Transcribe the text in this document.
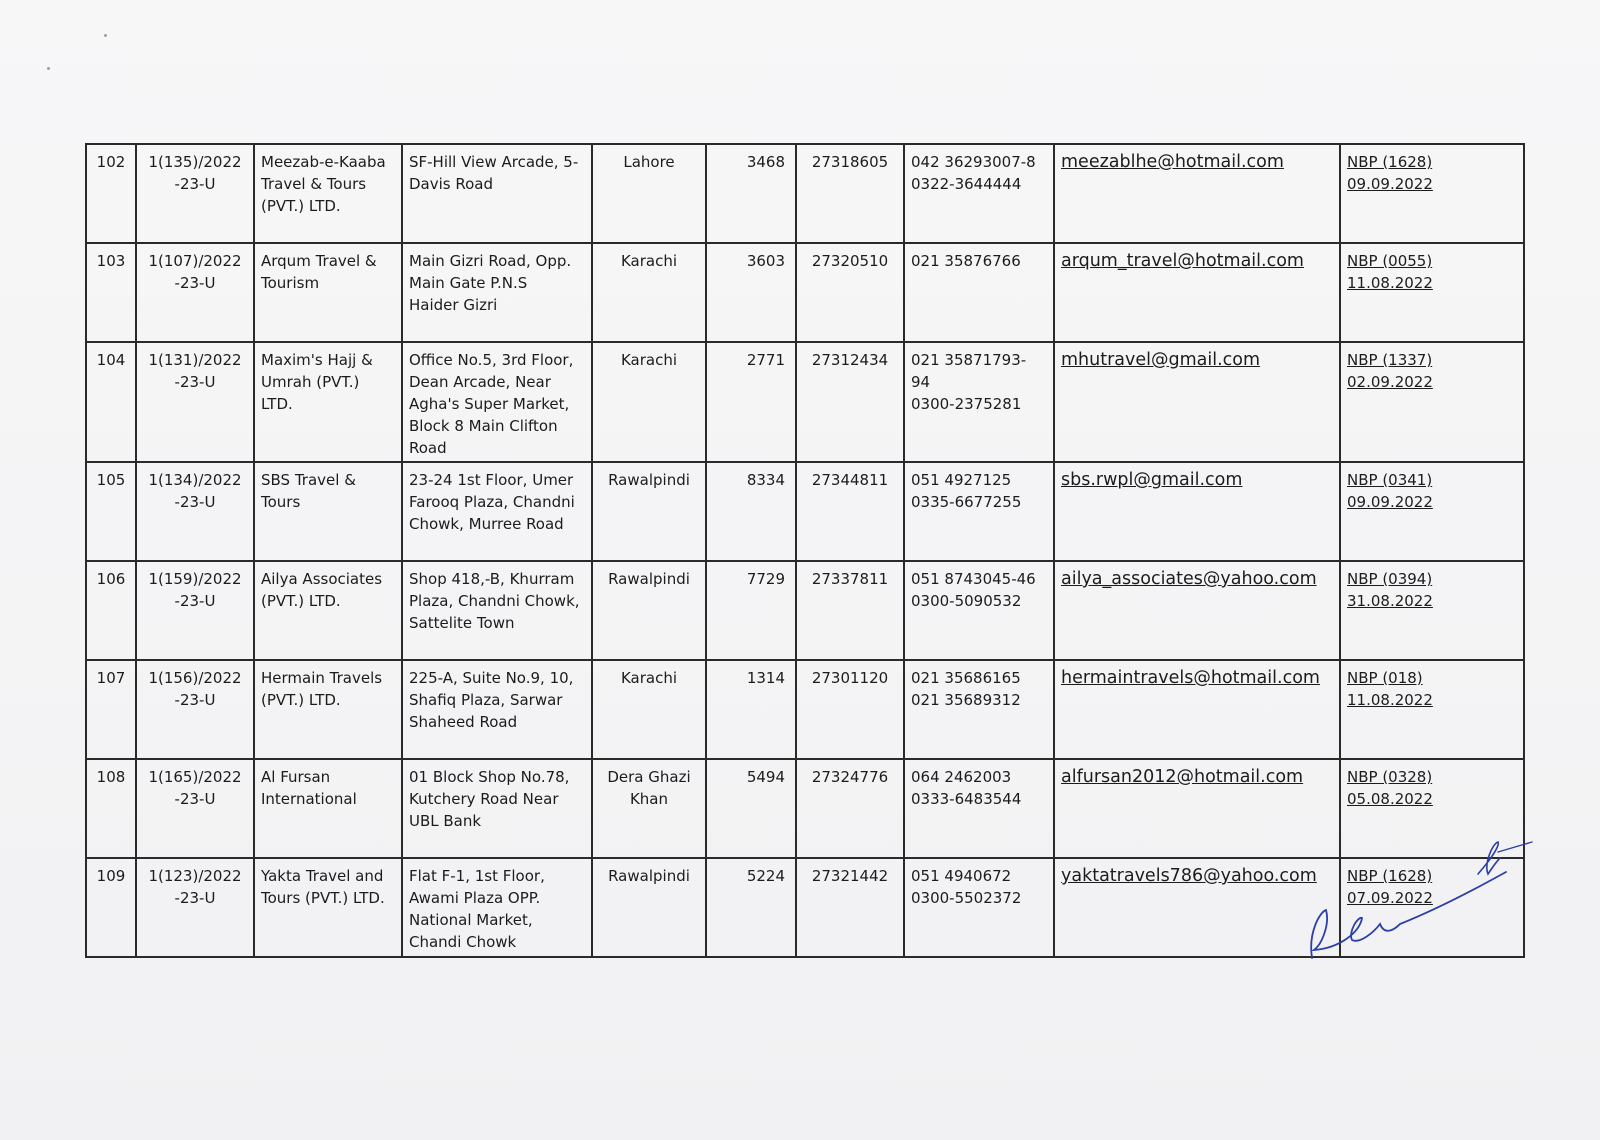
102	1(135)/2022
-23-U	Meezab-e-Kaaba
Travel & Tours
(PVT.) LTD.	SF-Hill View Arcade, 5-
Davis Road	Lahore	3468	27318605	042 36293007-8
0322-3644444	meezablhe@hotmail.com	NBP (1628)
09.09.2022

103	1(107)/2022
-23-U	Arqum Travel &
Tourism	Main Gizri Road, Opp.
Main Gate P.N.S
Haider Gizri	Karachi	3603	27320510	021 35876766	arqum_travel@hotmail.com	NBP (0055)
11.08.2022

104	1(131)/2022
-23-U	Maxim's Hajj &
Umrah (PVT.)
LTD.	Office No.5, 3rd Floor,
Dean Arcade, Near
Agha's Super Market,
Block 8 Main Clifton
Road	Karachi	2771	27312434	021 35871793-
94
0300-2375281	mhutravel@gmail.com	NBP (1337)
02.09.2022

105	1(134)/2022
-23-U	SBS Travel &
Tours	23-24 1st Floor, Umer
Farooq Plaza, Chandni
Chowk, Murree Road	Rawalpindi	8334	27344811	051 4927125
0335-6677255	sbs.rwpl@gmail.com	NBP (0341)
09.09.2022

106	1(159)/2022
-23-U	Ailya Associates
(PVT.) LTD.	Shop 418,-B, Khurram
Plaza, Chandni Chowk,
Sattelite Town	Rawalpindi	7729	27337811	051 8743045-46
0300-5090532	ailya_associates@yahoo.com	NBP (0394)
31.08.2022

107	1(156)/2022
-23-U	Hermain Travels
(PVT.) LTD.	225-A, Suite No.9, 10,
Shafiq Plaza, Sarwar
Shaheed Road	Karachi	1314	27301120	021 35686165
021 35689312	hermaintravels@hotmail.com	NBP (018)
11.08.2022

108	1(165)/2022
-23-U	Al Fursan
International	01 Block Shop No.78,
Kutchery Road Near
UBL Bank	Dera Ghazi
Khan	5494	27324776	064 2462003
0333-6483544	alfursan2012@hotmail.com	NBP (0328)
05.08.2022

109	1(123)/2022
-23-U	Yakta Travel and
Tours (PVT.) LTD.	Flat F-1, 1st Floor,
Awami Plaza OPP.
National Market,
Chandi Chowk	Rawalpindi	5224	27321442	051 4940672
0300-5502372	yaktatravels786@yahoo.com	NBP (1628)
07.09.2022
